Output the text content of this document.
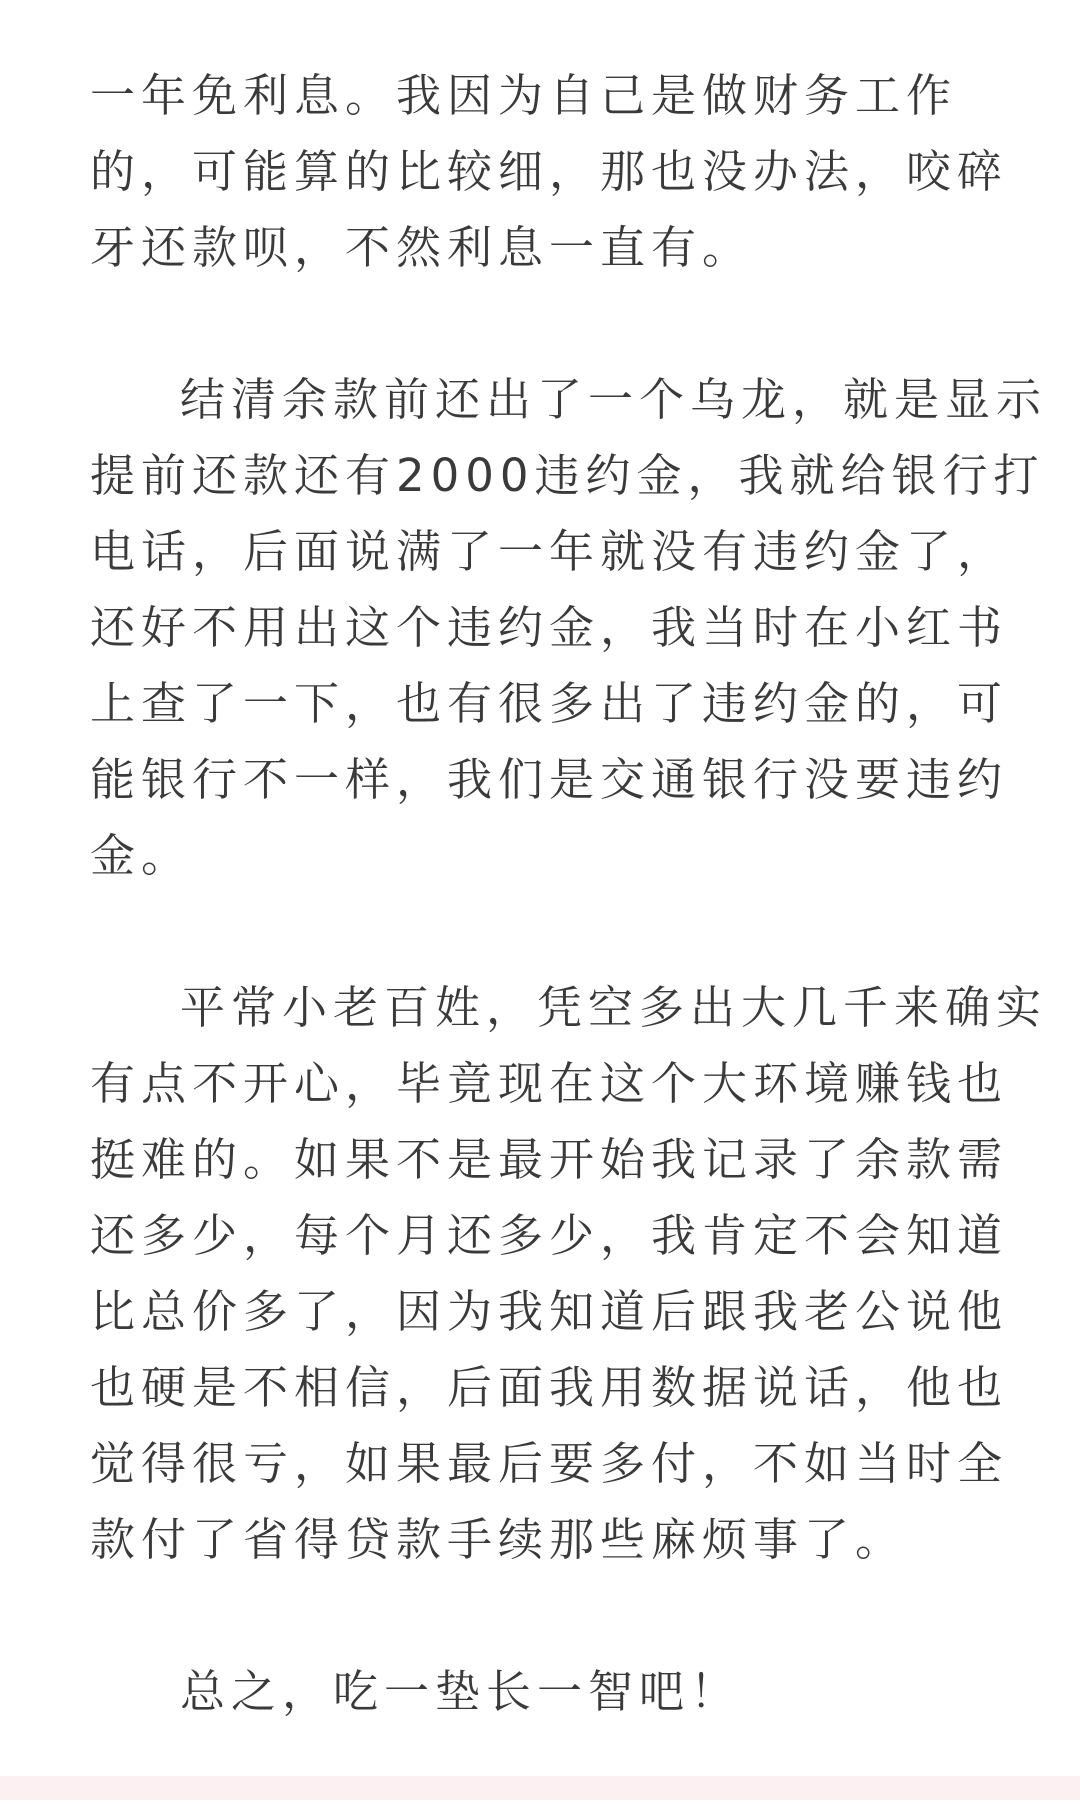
一年免利息。我因为自己是做财务工作
的，可能算的比较细，那也没办法，咬碎
牙还款呗，不然利息一直有。
结清余款前还出了一个乌龙，就是显示
提前还款还有2000违约金，我就给银行打
电话，后面说满了一年就没有违约金了，
还好不用出这个违约金，我当时在小红书
上查了一下，也有很多出了违约金的，可
能银行不一样，我们是交通银行没要违约
金。
平常小老百姓，凭空多出大几千来确实
有点不开心，毕竟现在这个大环境赚钱也
挺难的。如果不是最开始我记录了余款需
还多少，每个月还多少，我肯定不会知道
比总价多了，因为我知道后跟我老公说他
也硬是不相信，后面我用数据说话，他也
觉得很亏，如果最后要多付，不如当时全
款付了省得贷款手续那些麻烦事了。
总之，吃一垫长一智吧！
